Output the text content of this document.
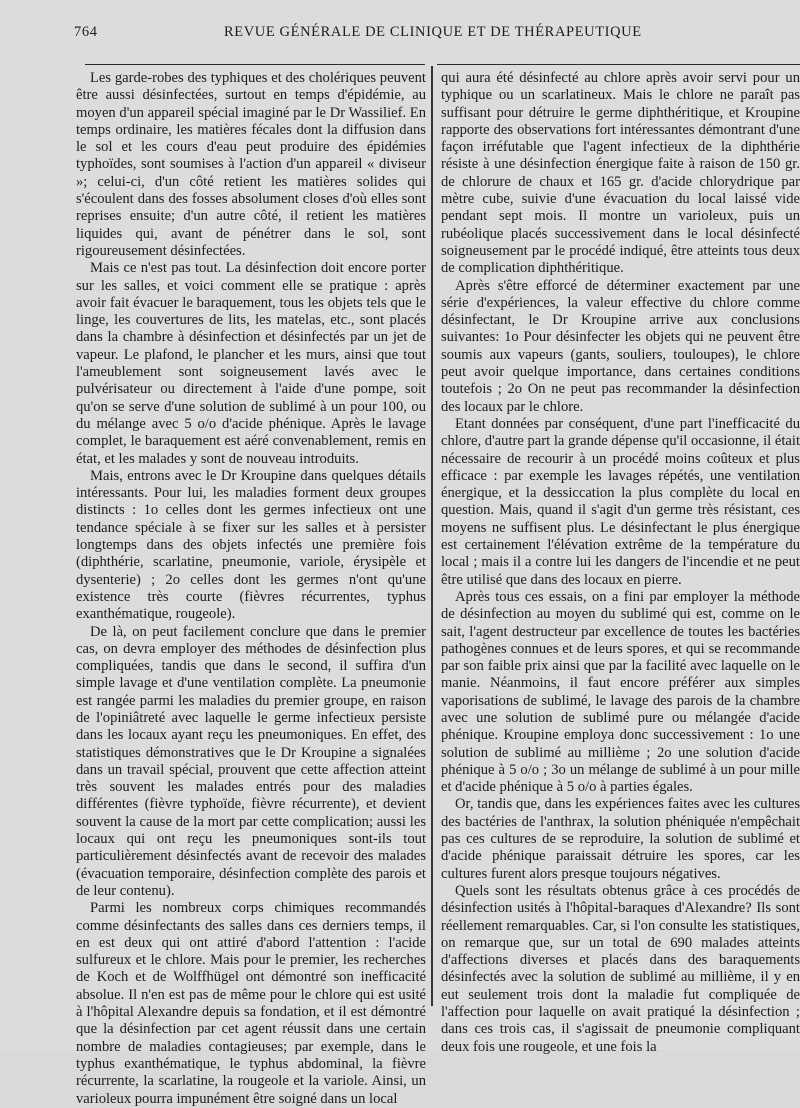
764	REVUE GÉNÉRALE DE CLINIQUE ET DE THÉRAPEUTIQUE

Les garde-robes des typhiques et des cholériques peuvent être aussi désinfectées, surtout en temps d'épidémie, au moyen d'un appareil spécial imaginé par le Dr Wassilief. En temps ordinaire, les matières fécales dont la diffusion dans le sol et les cours d'eau peut produire des épidémies typhoïdes, sont soumises à l'action d'un appareil « diviseur »; celui-ci, d'un côté retient les matières solides qui s'écoulent dans des fosses absolument closes d'où elles sont reprises ensuite; d'un autre côté, il retient les matières liquides qui, avant de pénétrer dans le sol, sont rigoureusement désinfectées.

Mais ce n'est pas tout. La désinfection doit encore porter sur les salles, et voici comment elle se pratique : après avoir fait évacuer le baraquement, tous les objets tels que le linge, les couvertures de lits, les matelas, etc., sont placés dans la chambre à désinfection et désinfectés par un jet de vapeur. Le plafond, le plancher et les murs, ainsi que tout l'ameublement sont soigneusement lavés avec le pulvérisateur ou directement à l'aide d'une pompe, soit qu'on se serve d'une solution de sublimé à un pour 100, ou du mélange avec 5 o/o d'acide phénique. Après le lavage complet, le baraquement est aéré convenablement, remis en état, et les malades y sont de nouveau introduits.

Mais, entrons avec le Dr Kroupine dans quelques détails intéressants. Pour lui, les maladies forment deux groupes distincts : 1o celles dont les germes infectieux ont une tendance spéciale à se fixer sur les salles et à persister longtemps dans des objets infectés une première fois (diphthérie, scarlatine, pneumonie, variole, érysipèle et dysenterie) ; 2o celles dont les germes n'ont qu'une existence très courte (fièvres récurrentes, typhus exanthématique, rougeole).

De là, on peut facilement conclure que dans le premier cas, on devra employer des méthodes de désinfection plus compliquées, tandis que dans le second, il suffira d'un simple lavage et d'une ventilation complète. La pneumonie est rangée parmi les maladies du premier groupe, en raison de l'opiniâtreté avec laquelle le germe infectieux persiste dans les locaux ayant reçu les pneumoniques. En effet, des statistiques démonstratives que le Dr Kroupine a signalées dans un travail spécial, prouvent que cette affection atteint très souvent les malades entrés pour des maladies différentes (fièvre typhoïde, fièvre récurrente), et devient souvent la cause de la mort par cette complication; aussi les locaux qui ont reçu les pneumoniques sont-ils tout particulièrement désinfectés avant de recevoir des malades (évacuation temporaire, désinfection complète des parois et de leur contenu).

Parmi les nombreux corps chimiques recommandés comme désinfectants des salles dans ces derniers temps, il en est deux qui ont attiré d'abord l'attention : l'acide sulfureux et le chlore. Mais pour le premier, les recherches de Koch et de Wolffhügel ont démontré son inefficacité absolue. Il n'en est pas de même pour le chlore qui est usité à l'hôpital Alexandre depuis sa fondation, et il est démontré que la désinfection par cet agent réussit dans une certain nombre de maladies contagieuses; par exemple, dans le typhus exanthématique, le typhus abdominal, la fièvre récurrente, la scarlatine, la rougeole et la variole. Ainsi, un varioleux pourra impunément être soigné dans un local

qui aura été désinfecté au chlore après avoir servi pour un typhique ou un scarlatineux. Mais le chlore ne paraît pas suffisant pour détruire le germe diphthéritique, et Kroupine rapporte des observations fort intéressantes démontrant d'une façon irréfutable que l'agent infectieux de la diphthérie résiste à une désinfection énergique faite à raison de 150 gr. de chlorure de chaux et 165 gr. d'acide chlorydrique par mètre cube, suivie d'une évacuation du local laissé vide pendant sept mois. Il montre un varioleux, puis un rubéolique placés successivement dans le local désinfecté soigneusement par le procédé indiqué, être atteints tous deux de complication diphthéritique.

Après s'être efforcé de déterminer exactement par une série d'expériences, la valeur effective du chlore comme désinfectant, le Dr Kroupine arrive aux conclusions suivantes: 1o Pour désinfecter les objets qui ne peuvent être soumis aux vapeurs (gants, souliers, touloupes), le chlore peut avoir quelque importance, dans certaines conditions toutefois ; 2o On ne peut pas recommander la désinfection des locaux par le chlore.

Etant données par conséquent, d'une part l'inefficacité du chlore, d'autre part la grande dépense qu'il occasionne, il était nécessaire de recourir à un procédé moins coûteux et plus efficace : par exemple les lavages répétés, une ventilation énergique, et la dessiccation la plus complète du local en question. Mais, quand il s'agit d'un germe très résistant, ces moyens ne suffisent plus. Le désinfectant le plus énergique est certainement l'élévation extrême de la température du local ; mais il a contre lui les dangers de l'incendie et ne peut être utilisé que dans des locaux en pierre.

Après tous ces essais, on a fini par employer la méthode de désinfection au moyen du sublimé qui est, comme on le sait, l'agent destructeur par excellence de toutes les bactéries pathogènes connues et de leurs spores, et qui se recommande par son faible prix ainsi que par la facilité avec laquelle on le manie. Néanmoins, il faut encore préférer aux simples vaporisations de sublimé, le lavage des parois de la chambre avec une solution de sublimé pure ou mélangée d'acide phénique. Kroupine employa donc successivement : 1o une solution de sublimé au millième ; 2o une solution d'acide phénique à 5 o/o ; 3o un mélange de sublimé à un pour mille et d'acide phénique à 5 o/o à parties égales.

Or, tandis que, dans les expériences faites avec les cultures des bactéries de l'anthrax, la solution phéniquée n'empêchait pas ces cultures de se reproduire, la solution de sublimé et d'acide phénique paraissait détruire les spores, car les cultures furent alors presque toujours négatives.

Quels sont les résultats obtenus grâce à ces procédés de désinfection usités à l'hôpital-baraques d'Alexandre? Ils sont réellement remarquables. Car, si l'on consulte les statistiques, on remarque que, sur un total de 690 malades atteints d'affections diverses et placés dans des baraquements désinfectés avec la solution de sublimé au millième, il y en eut seulement trois dont la maladie fut compliquée de l'affection pour laquelle on avait pratiqué la désinfection ; dans ces trois cas, il s'agissait de pneumonie compliquant deux fois une rougeole, et une fois la
